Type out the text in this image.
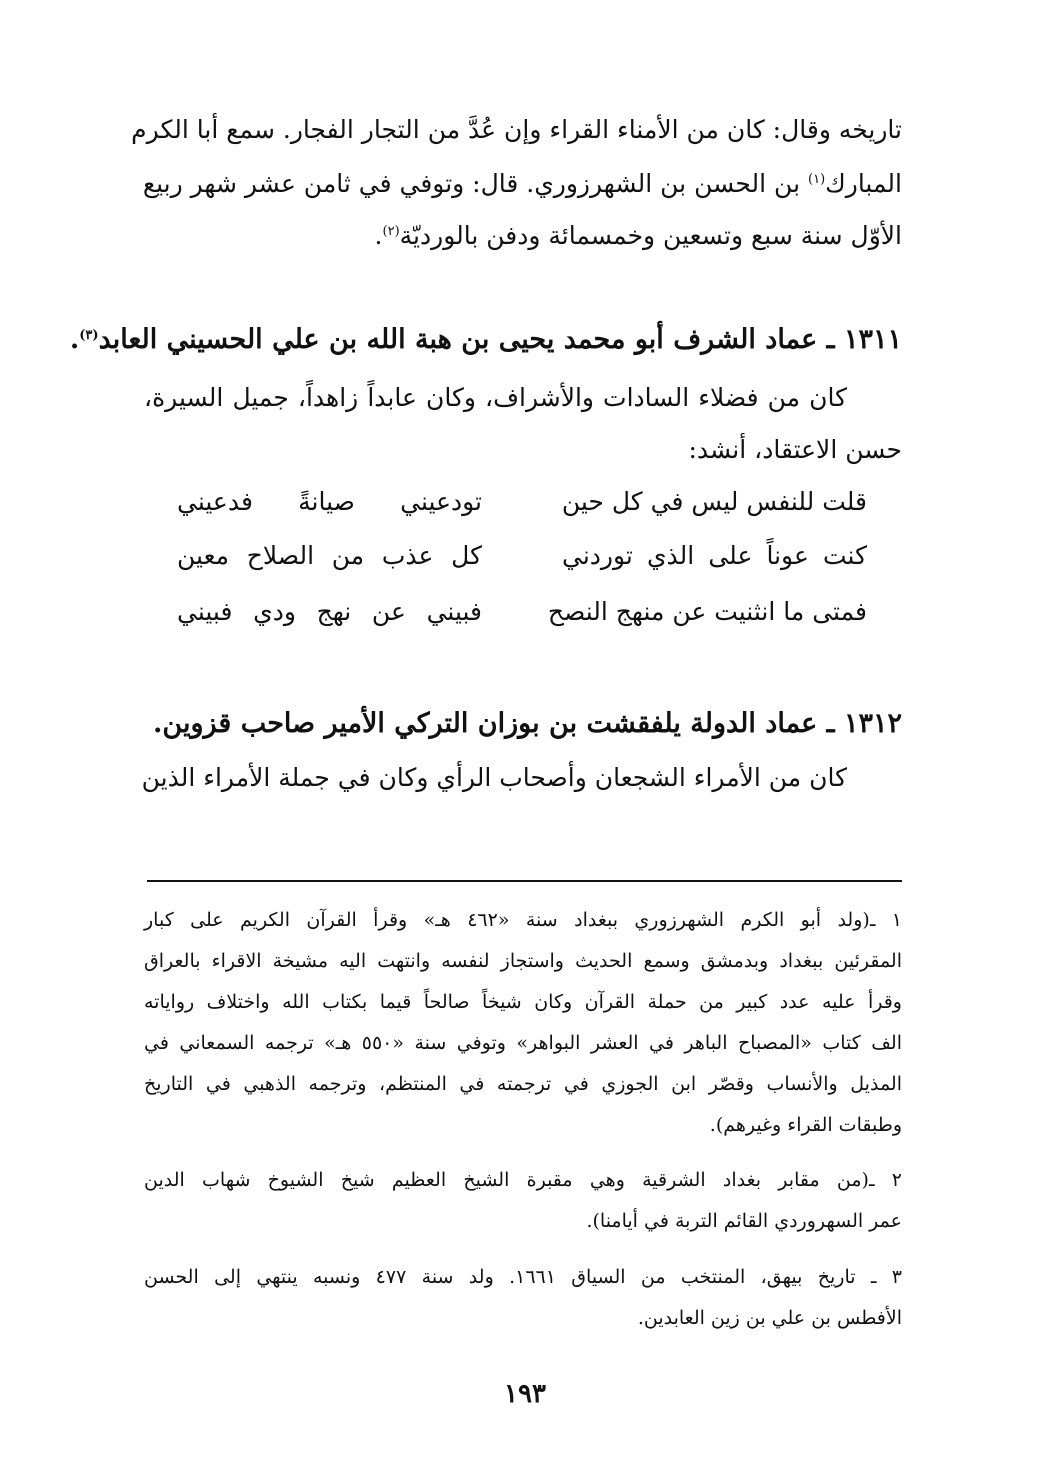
تاريخه وقال: كان من الأمناء القراء وإن عُدَّ من التجار الفجار. سمع أبا الكرم
المبارك$^{(١)}$ بن الحسن بن الشهرزوري. قال: وتوفي في ثامن عشر شهر ربيع
الأوّل سنة سبع وتسعين وخمسمائة ودفن بالورديّة$^{(٢)}$.
١٣١١ ـ عماد الشرف أبو محمد يحيى بن هبة الله بن علي الحسيني العابد$^{(٣)}$.
كان من فضلاء السادات والأشراف، وكان عابداً زاهداً، جميل السيرة،
حسن الاعتقاد، أنشد:
قلت للنفس ليس في كل حين
تودعيني صيانةً فدعيني
كنت عوناً على الذي توردني
كل عذب من الصلاح معين
فمتى ما انثنيت عن منهج النصح
فبيني عن نهج ودي فبيني
١٣١٢ ـ عماد الدولة يلفقشت بن بوزان التركي الأمير صاحب قزوين.
كان من الأمراء الشجعان وأصحاب الرأي وكان في جملة الأمراء الذين
١ ـ(ولد أبو الكرم الشهرزوري ببغداد سنة «٤٦٢ هـ» وقرأ القرآن الكريم على كبار
المقرئين ببغداد وبدمشق وسمع الحديث واستجاز لنفسه وانتهت اليه مشيخة الاقراء بالعراق
وقرأ عليه عدد كبير من حملة القرآن وكان شيخاً صالحاً قيما بكتاب الله واختلاف رواياته
الف كتاب «المصباح الباهر في العشر البواهر» وتوفي سنة «٥٥٠ هـ» ترجمه السمعاني في
المذيل والأنساب وقصّر ابن الجوزي في ترجمته في المنتظم، وترجمه الذهبي في التاريخ
وطبقات القراء وغيرهم).
٢ ـ(من مقابر بغداد الشرقية وهي مقبرة الشيخ العظيم شيخ الشيوخ شهاب الدين
عمر السهروردي القائم التربة في أيامنا).
٣ ـ تاريخ بيهق، المنتخب من السياق ١٦٦١. ولد سنة ٤٧٧ ونسبه ينتهي إلى الحسن
الأفطس بن علي بن زين العابدين.
١٩٣
